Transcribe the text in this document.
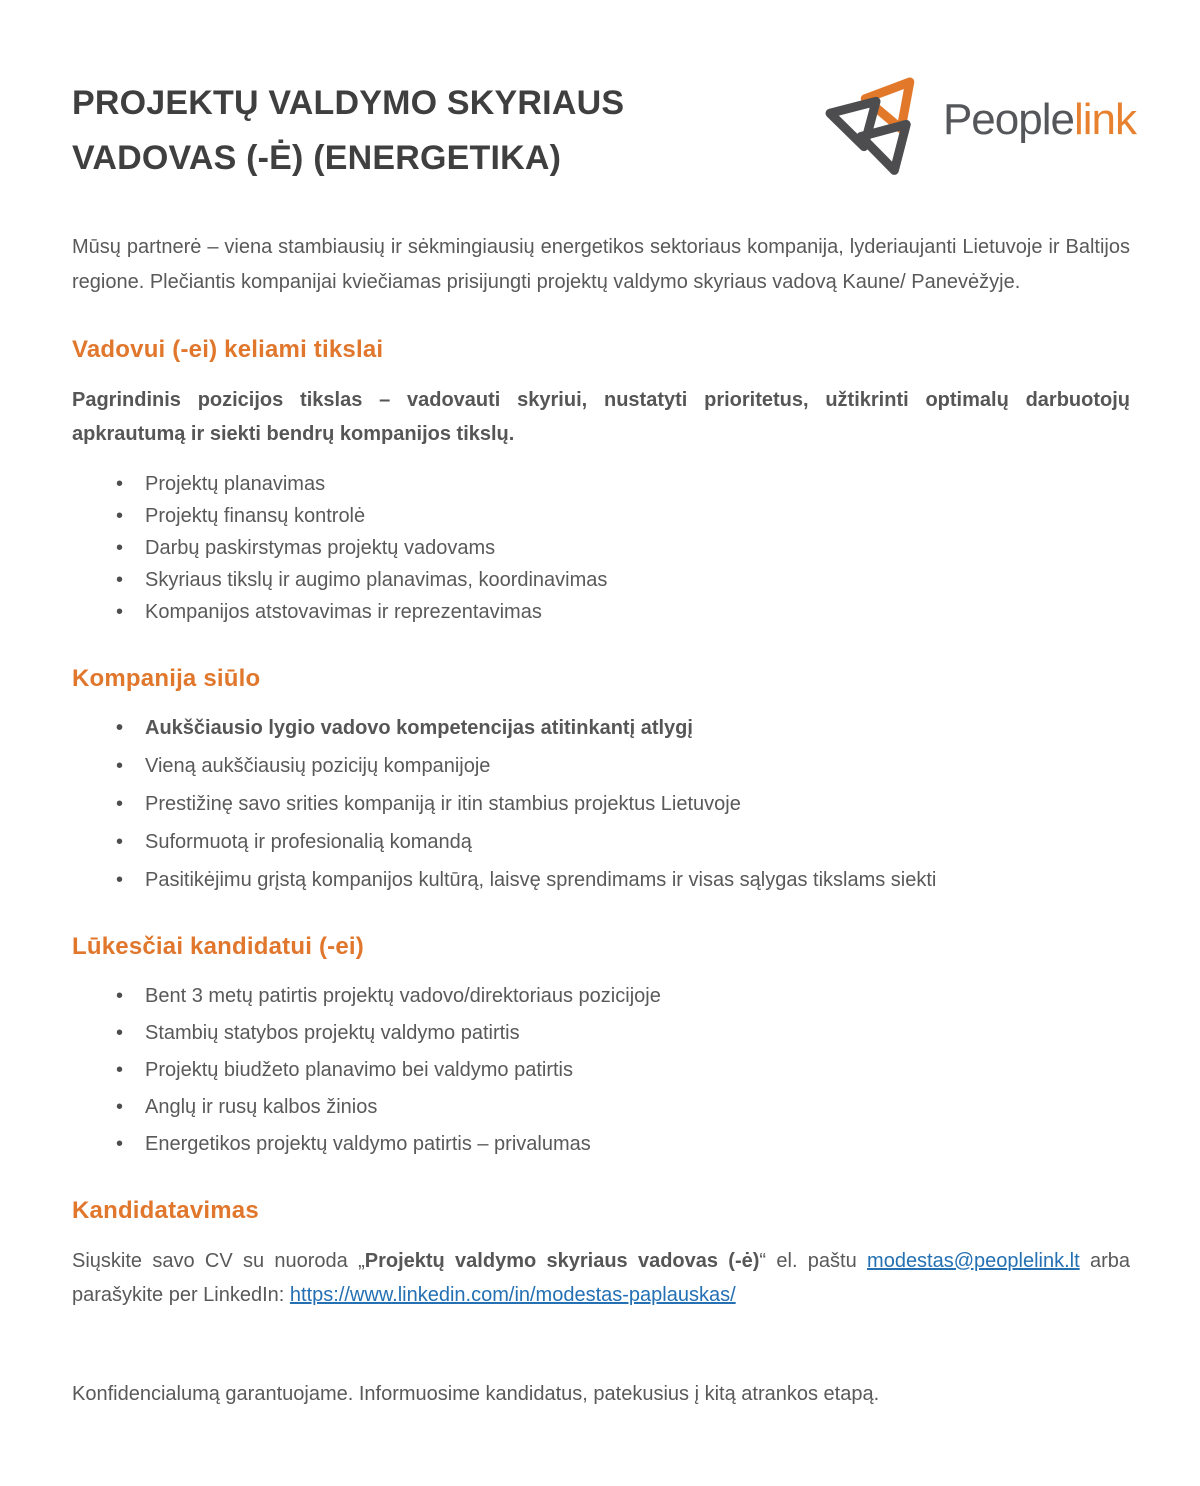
PROJEKTŲ VALDYMO SKYRIAUS
VADOVAS (-Ė) (ENERGETIKA)
Peoplelink

Mūsų partnerė – viena stambiausių ir sėkmingiausių energetikos sektoriaus kompanija, lyderiaujanti Lietuvoje ir Baltijos regione. Plečiantis kompanijai kviečiamas prisijungti projektų valdymo skyriaus vadovą Kaune/ Panevėžyje.

Vadovui (-ei) keliami tikslai

Pagrindinis pozicijos tikslas – vadovauti skyriui, nustatyti prioritetus, užtikrinti optimalų darbuotojų apkrautumą ir siekti bendrų kompanijos tikslų.

• Projektų planavimas
• Projektų finansų kontrolė
• Darbų paskirstymas projektų vadovams
• Skyriaus tikslų ir augimo planavimas, koordinavimas
• Kompanijos atstovavimas ir reprezentavimas
Kompanija siūlo
• Aukščiausio lygio vadovo kompetencijas atitinkantį atlygį
• Vieną aukščiausių pozicijų kompanijoje
• Prestižinę savo srities kompaniją ir itin stambius projektus Lietuvoje
• Suformuotą ir profesionalią komandą
• Pasitikėjimu grįstą kompanijos kultūrą, laisvę sprendimams ir visas sąlygas tikslams siekti
Lūkesčiai kandidatui (-ei)
• Bent 3 metų patirtis projektų vadovo/direktoriaus pozicijoje
• Stambių statybos projektų valdymo patirtis
• Projektų biudžeto planavimo bei valdymo patirtis
• Anglų ir rusų kalbos žinios
• Energetikos projektų valdymo patirtis – privalumas
Kandidatavimas

Siųskite savo CV su nuoroda „Projektų valdymo skyriaus vadovas (-ė)“ el. paštu modestas@peoplelink.lt arba parašykite per LinkedIn: https://www.linkedin.com/in/modestas-paplauskas/

Konfidencialumą garantuojame. Informuosime kandidatus, patekusius į kitą atrankos etapą.
